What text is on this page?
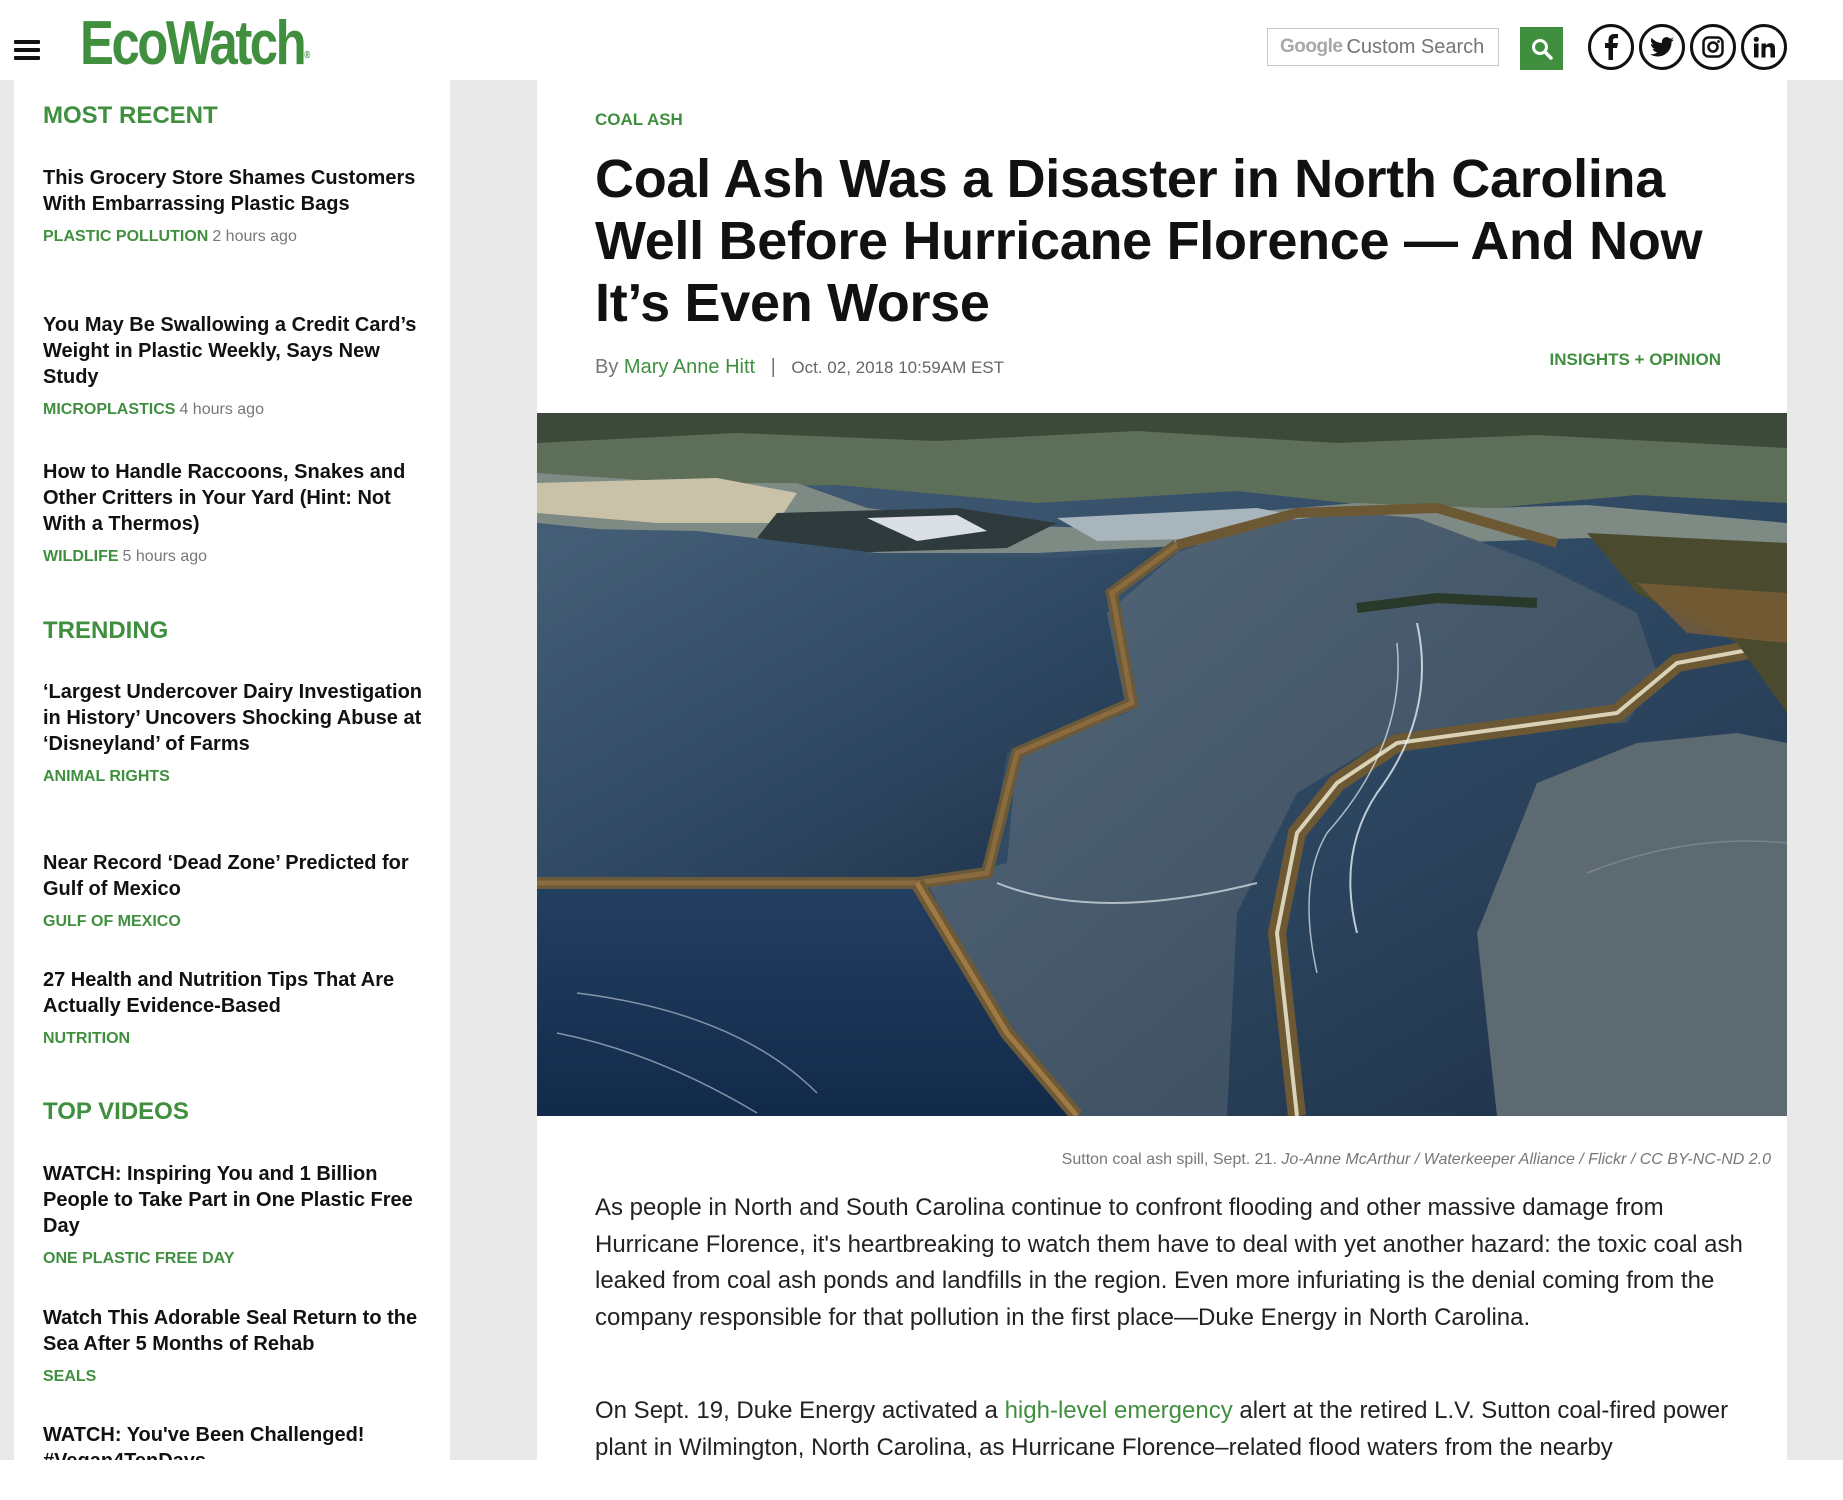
EcoWatch®	Google
Custom Search
MOST RECENT
This Grocery Store Shames Customers With Embarrassing Plastic Bags
PLASTIC POLLUTION 2 hours ago
You May Be Swallowing a Credit Card’s Weight in Plastic Weekly, Says New Study
MICROPLASTICS 4 hours ago
How to Handle Raccoons, Snakes and Other Critters in Your Yard (Hint: Not With a Thermos)
WILDLIFE 5 hours ago
TRENDING
‘Largest Undercover Dairy Investigation in History’ Uncovers Shocking Abuse at ‘Disneyland’ of Farms
ANIMAL RIGHTS
Near Record ‘Dead Zone’ Predicted for Gulf of Mexico
GULF OF MEXICO
27 Health and Nutrition Tips That Are Actually Evidence-Based
NUTRITION
TOP VIDEOS
WATCH: Inspiring You and 1 Billion People to Take Part in One Plastic Free Day
ONE PLASTIC FREE DAY
Watch This Adorable Seal Return to the Sea After 5 Months of Rehab
SEALS
WATCH: You've Been Challenged!
COAL ASH
Coal Ash Was a Disaster in North Carolina Well Before Hurricane Florence — And Now It’s Even Worse
By Mary Anne Hitt | Oct. 02, 2018 10:59AM EST	INSIGHTS + OPINION
Sutton coal ash spill, Sept. 21. Jo-Anne McArthur / Waterkeeper Alliance / Flickr / CC BY-NC-ND 2.0

As people in North and South Carolina continue to confront flooding and other massive damage from Hurricane Florence, it's heartbreaking to watch them have to deal with yet another hazard: the toxic coal ash leaked from coal ash ponds and landfills in the region. Even more infuriating is the denial coming from the company responsible for that pollution in the first place—Duke Energy in North Carolina.

On Sept. 19, Duke Energy activated a high-level emergency alert at the retired L.V. Sutton coal-fired power plant in Wilmington, North Carolina, as Hurricane Florence–related flood waters from the nearby
